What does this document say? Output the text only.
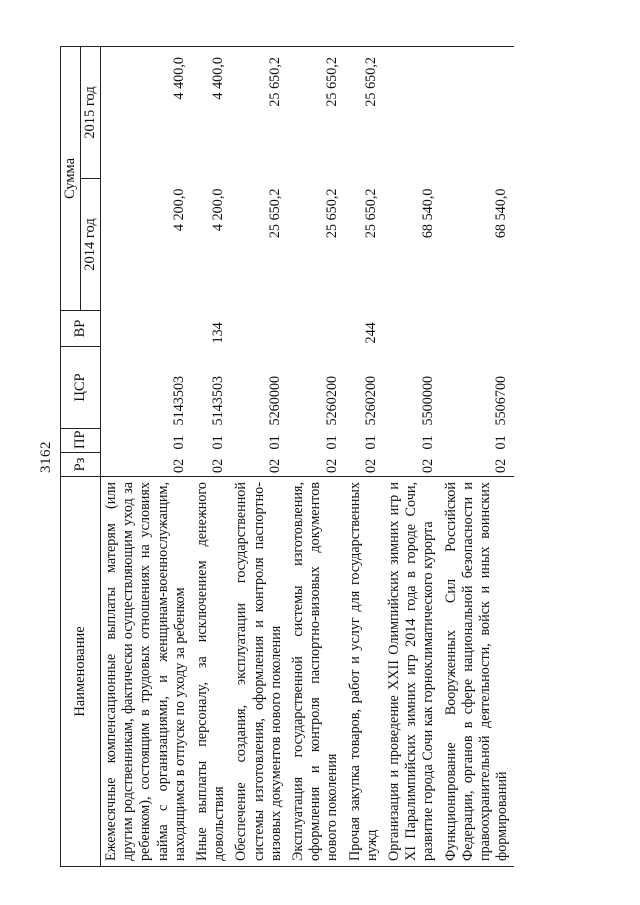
3162
Наименование	Рз	ПР	ЦСР	ВР	Сумма	
					2014 год	2015 год
Ежемесячные компенсационные выплаты матерям (или другим родственникам, фактически осуществляющим уход за ребенком), состоящим в трудовых отношениях на условиях найма с организациями, и женщинам-военнослужащим, находящимся в отпуске по уходу за ребенком	02	01	5143503		4 200,0	4 400,0
Иные выплаты персоналу, за исключением денежного довольствия	02	01	5143503	134	4 200,0	4 400,0
Обеспечение создания, эксплуатации государственной системы изготовления, оформления и контроля паспортно-визовых документов нового поколения	02	01	5260000		25 650,2	25 650,2
Эксплуатация государственной системы изготовления, оформления и контроля паспортно-визовых документов нового поколения	02	01	5260200		25 650,2	25 650,2
Прочая закупка товаров, работ и услуг для государственных нужд	02	01	5260200	244	25 650,2	25 650,2
Организация и проведение XXII Олимпийских зимних игр и XI Паралимпийских зимних игр 2014 года в городе Сочи, развитие города Сочи как горноклиматического курорта	02	01	5500000		68 540,0	
Функционирование Вооруженных Сил Российской Федерации, органов в сфере национальной безопасности и правоохранительной деятельности, войск и иных воинских формирований	02	01	5506700		68 540,0	
